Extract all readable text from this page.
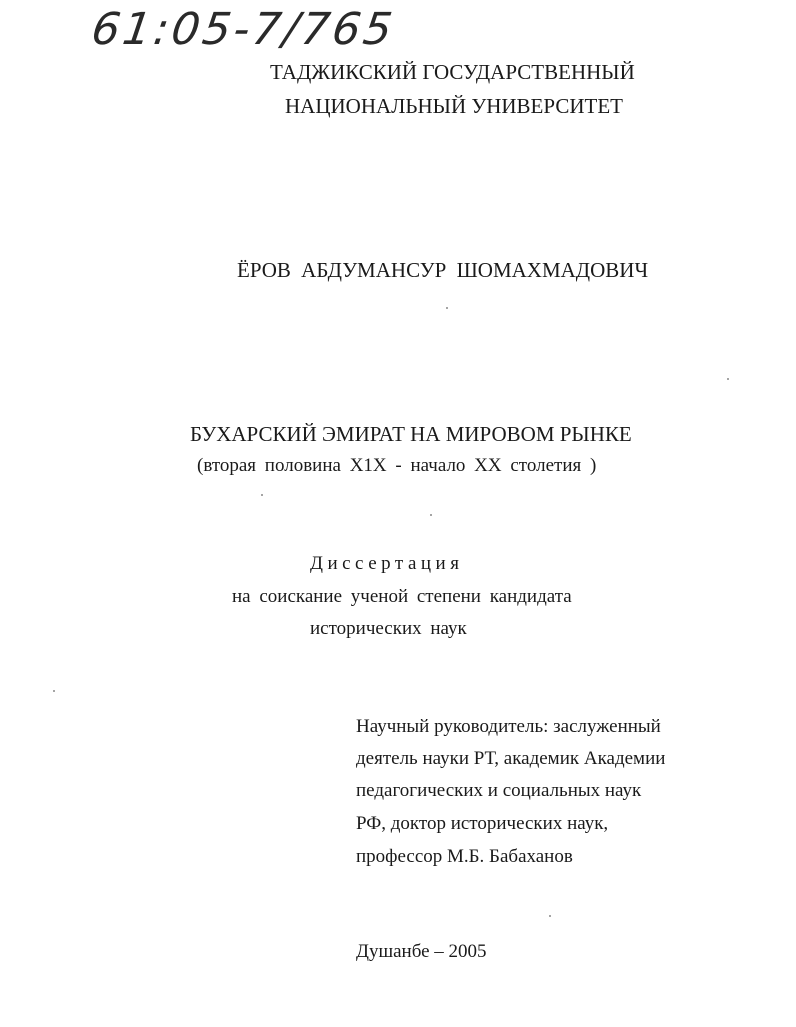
61:05-7/765
ТАДЖИКСКИЙ ГОСУДАРСТВЕННЫЙ
НАЦИОНАЛЬНЫЙ УНИВЕРСИТЕТ
ЁРОВ АБДУМАНСУР ШОМАХМАДОВИЧ
БУХАРСКИЙ ЭМИРАТ НА МИРОВОМ РЫНКЕ
(вторая половина Х1Х - начало ХХ столетия )
Диссертация
на соискание ученой степени кандидата
исторических наук
Научный руководитель: заслуженный
деятель науки РТ, академик Академии
педагогических и социальных наук
РФ, доктор исторических наук,
профессор М.Б. Бабаханов
Душанбе – 2005
